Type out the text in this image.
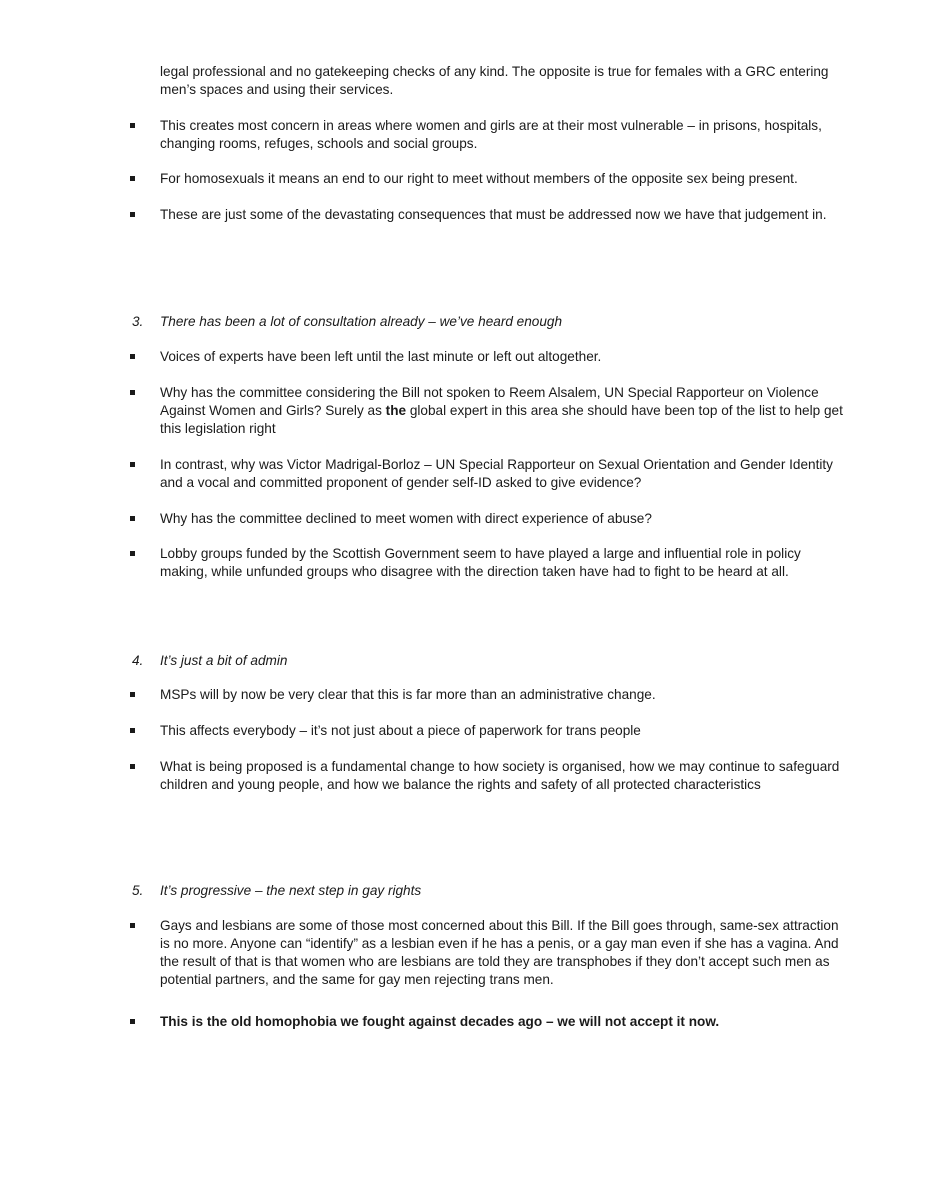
legal professional and no gatekeeping checks of any kind. The opposite is true for females with a GRC entering men’s spaces and using their services.

This creates most concern in areas where women and girls are at their most vulnerable – in prisons, hospitals, changing rooms, refuges, schools and social groups.

For homosexuals it means an end to our right to meet without members of the opposite sex being present.

These are just some of the devastating consequences that must be addressed now we have that judgement in.

3. There has been a lot of consultation already – we’ve heard enough

Voices of experts have been left until the last minute or left out altogether.

Why has the committee considering the Bill not spoken to Reem Alsalem, UN Special Rapporteur on Violence Against Women and Girls? Surely as the global expert in this area she should have been top of the list to help get this legislation right

In contrast, why was Victor Madrigal-Borloz – UN Special Rapporteur on Sexual Orientation and Gender Identity and a vocal and committed proponent of gender self-ID asked to give evidence?

Why has the committee declined to meet women with direct experience of abuse?

Lobby groups funded by the Scottish Government seem to have played a large and influential role in policy making, while unfunded groups who disagree with the direction taken have had to fight to be heard at all.

4. It’s just a bit of admin

MSPs will by now be very clear that this is far more than an administrative change.

This affects everybody – it’s not just about a piece of paperwork for trans people

What is being proposed is a fundamental change to how society is organised, how we may continue to safeguard children and young people, and how we balance the rights and safety of all protected characteristics

5. It’s progressive – the next step in gay rights

Gays and lesbians are some of those most concerned about this Bill. If the Bill goes through, same-sex attraction is no more. Anyone can “identify” as a lesbian even if he has a penis, or a gay man even if she has a vagina. And the result of that is that women who are lesbians are told they are transphobes if they don’t accept such men as potential partners, and the same for gay men rejecting trans men.

This is the old homophobia we fought against decades ago – we will not accept it now.
